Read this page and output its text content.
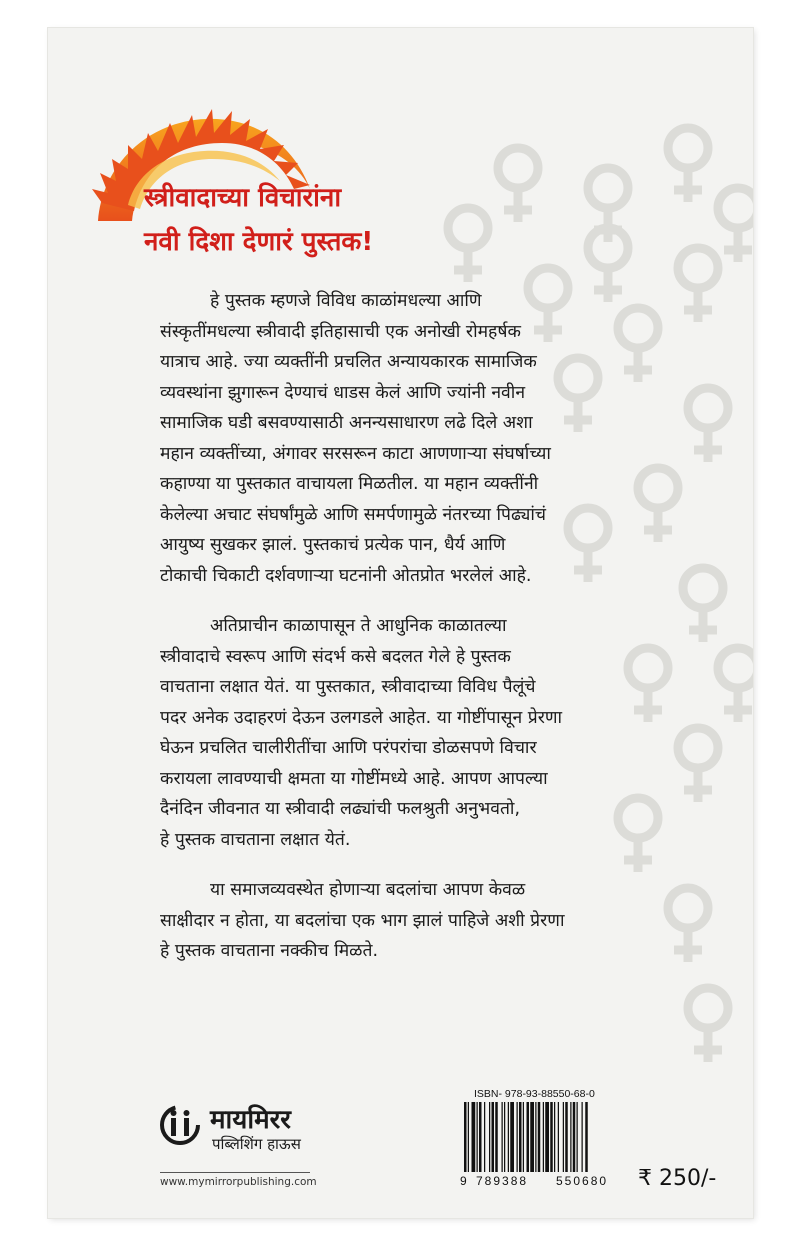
स्त्रीवादाच्या विचारांना
नवी दिशा देणारं पुस्तक!

हे पुस्तक म्हणजे विविध काळांमधल्या आणि
संस्कृतींमधल्या स्त्रीवादी इतिहासाची एक अनोखी रोमहर्षक
यात्राच आहे. ज्या व्यक्तींनी प्रचलित अन्यायकारक सामाजिक
व्यवस्थांना झुगारून देण्याचं धाडस केलं आणि ज्यांनी नवीन
सामाजिक घडी बसवण्यासाठी अनन्यसाधारण लढे दिले अशा
महान व्यक्तींच्या, अंगावर सरसरून काटा आणणाऱ्या संघर्षाच्या
कहाण्या या पुस्तकात वाचायला मिळतील. या महान व्यक्तींनी
केलेल्या अचाट संघर्षांमुळे आणि समर्पणामुळे नंतरच्या पिढ्यांचं
आयुष्य सुखकर झालं. पुस्तकाचं प्रत्येक पान, धैर्य आणि
टोकाची चिकाटी दर्शवणाऱ्या घटनांनी ओतप्रोत भरलेलं आहे.

अतिप्राचीन काळापासून ते आधुनिक काळातल्या
स्त्रीवादाचे स्वरूप आणि संदर्भ कसे बदलत गेले हे पुस्तक
वाचताना लक्षात येतं. या पुस्तकात, स्त्रीवादाच्या विविध पैलूंचे
पदर अनेक उदाहरणं देऊन उलगडले आहेत. या गोष्टींपासून प्रेरणा
घेऊन प्रचलित चालीरीतींचा आणि परंपरांचा डोळसपणे विचार
करायला लावण्याची क्षमता या गोष्टींमध्ये आहे. आपण आपल्या
दैनंदिन जीवनात या स्त्रीवादी लढ्यांची फलश्रुती अनुभवतो,
हे पुस्तक वाचताना लक्षात येतं.

या समाजव्यवस्थेत होणाऱ्या बदलांचा आपण केवळ
साक्षीदार न होता, या बदलांचा एक भाग झालं पाहिजे अशी प्रेरणा
हे पुस्तक वाचताना नक्कीच मिळते.

मायमिरर
पब्लिशिंग हाऊस
www.mymirrorpublishing.com
ISBN- 978-93-88550-68-0
9 789388 550680 ₹ 250/-
